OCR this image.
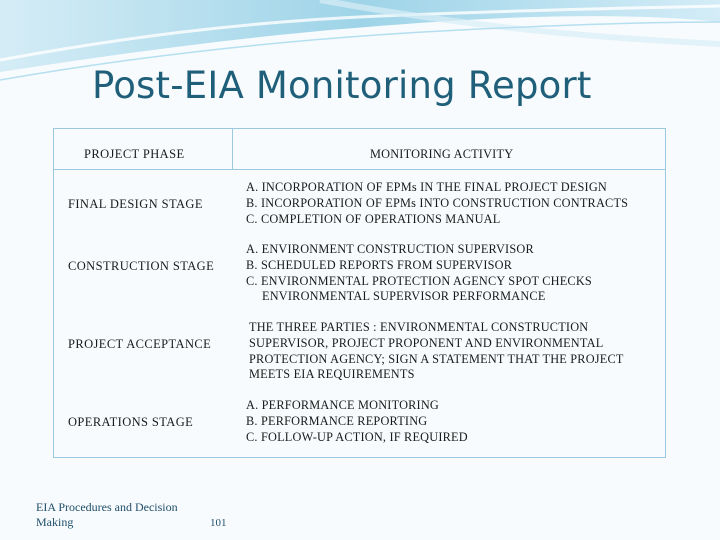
Post-EIA Monitoring Report
PROJECT PHASE	MONITORING ACTIVITY
FINAL DESIGN STAGE
A. INCORPORATION OF EPMs IN THE FINAL PROJECT DESIGN
B. INCORPORATION OF EPMs INTO CONSTRUCTION CONTRACTS
C. COMPLETION OF OPERATIONS MANUAL
CONSTRUCTION STAGE
A. ENVIRONMENT CONSTRUCTION SUPERVISOR
B. SCHEDULED REPORTS FROM SUPERVISOR
C. ENVIRONMENTAL PROTECTION AGENCY SPOT CHECKS
ENVIRONMENTAL SUPERVISOR PERFORMANCE
PROJECT ACCEPTANCE
THE THREE PARTIES : ENVIRONMENTAL CONSTRUCTION
SUPERVISOR, PROJECT PROPONENT AND ENVIRONMENTAL
PROTECTION AGENCY; SIGN A STATEMENT THAT THE PROJECT
MEETS EIA REQUIREMENTS
OPERATIONS STAGE
A. PERFORMANCE MONITORING
B. PERFORMANCE REPORTING
C. FOLLOW-UP ACTION, IF REQUIRED
EIA Procedures and Decision Making	101
